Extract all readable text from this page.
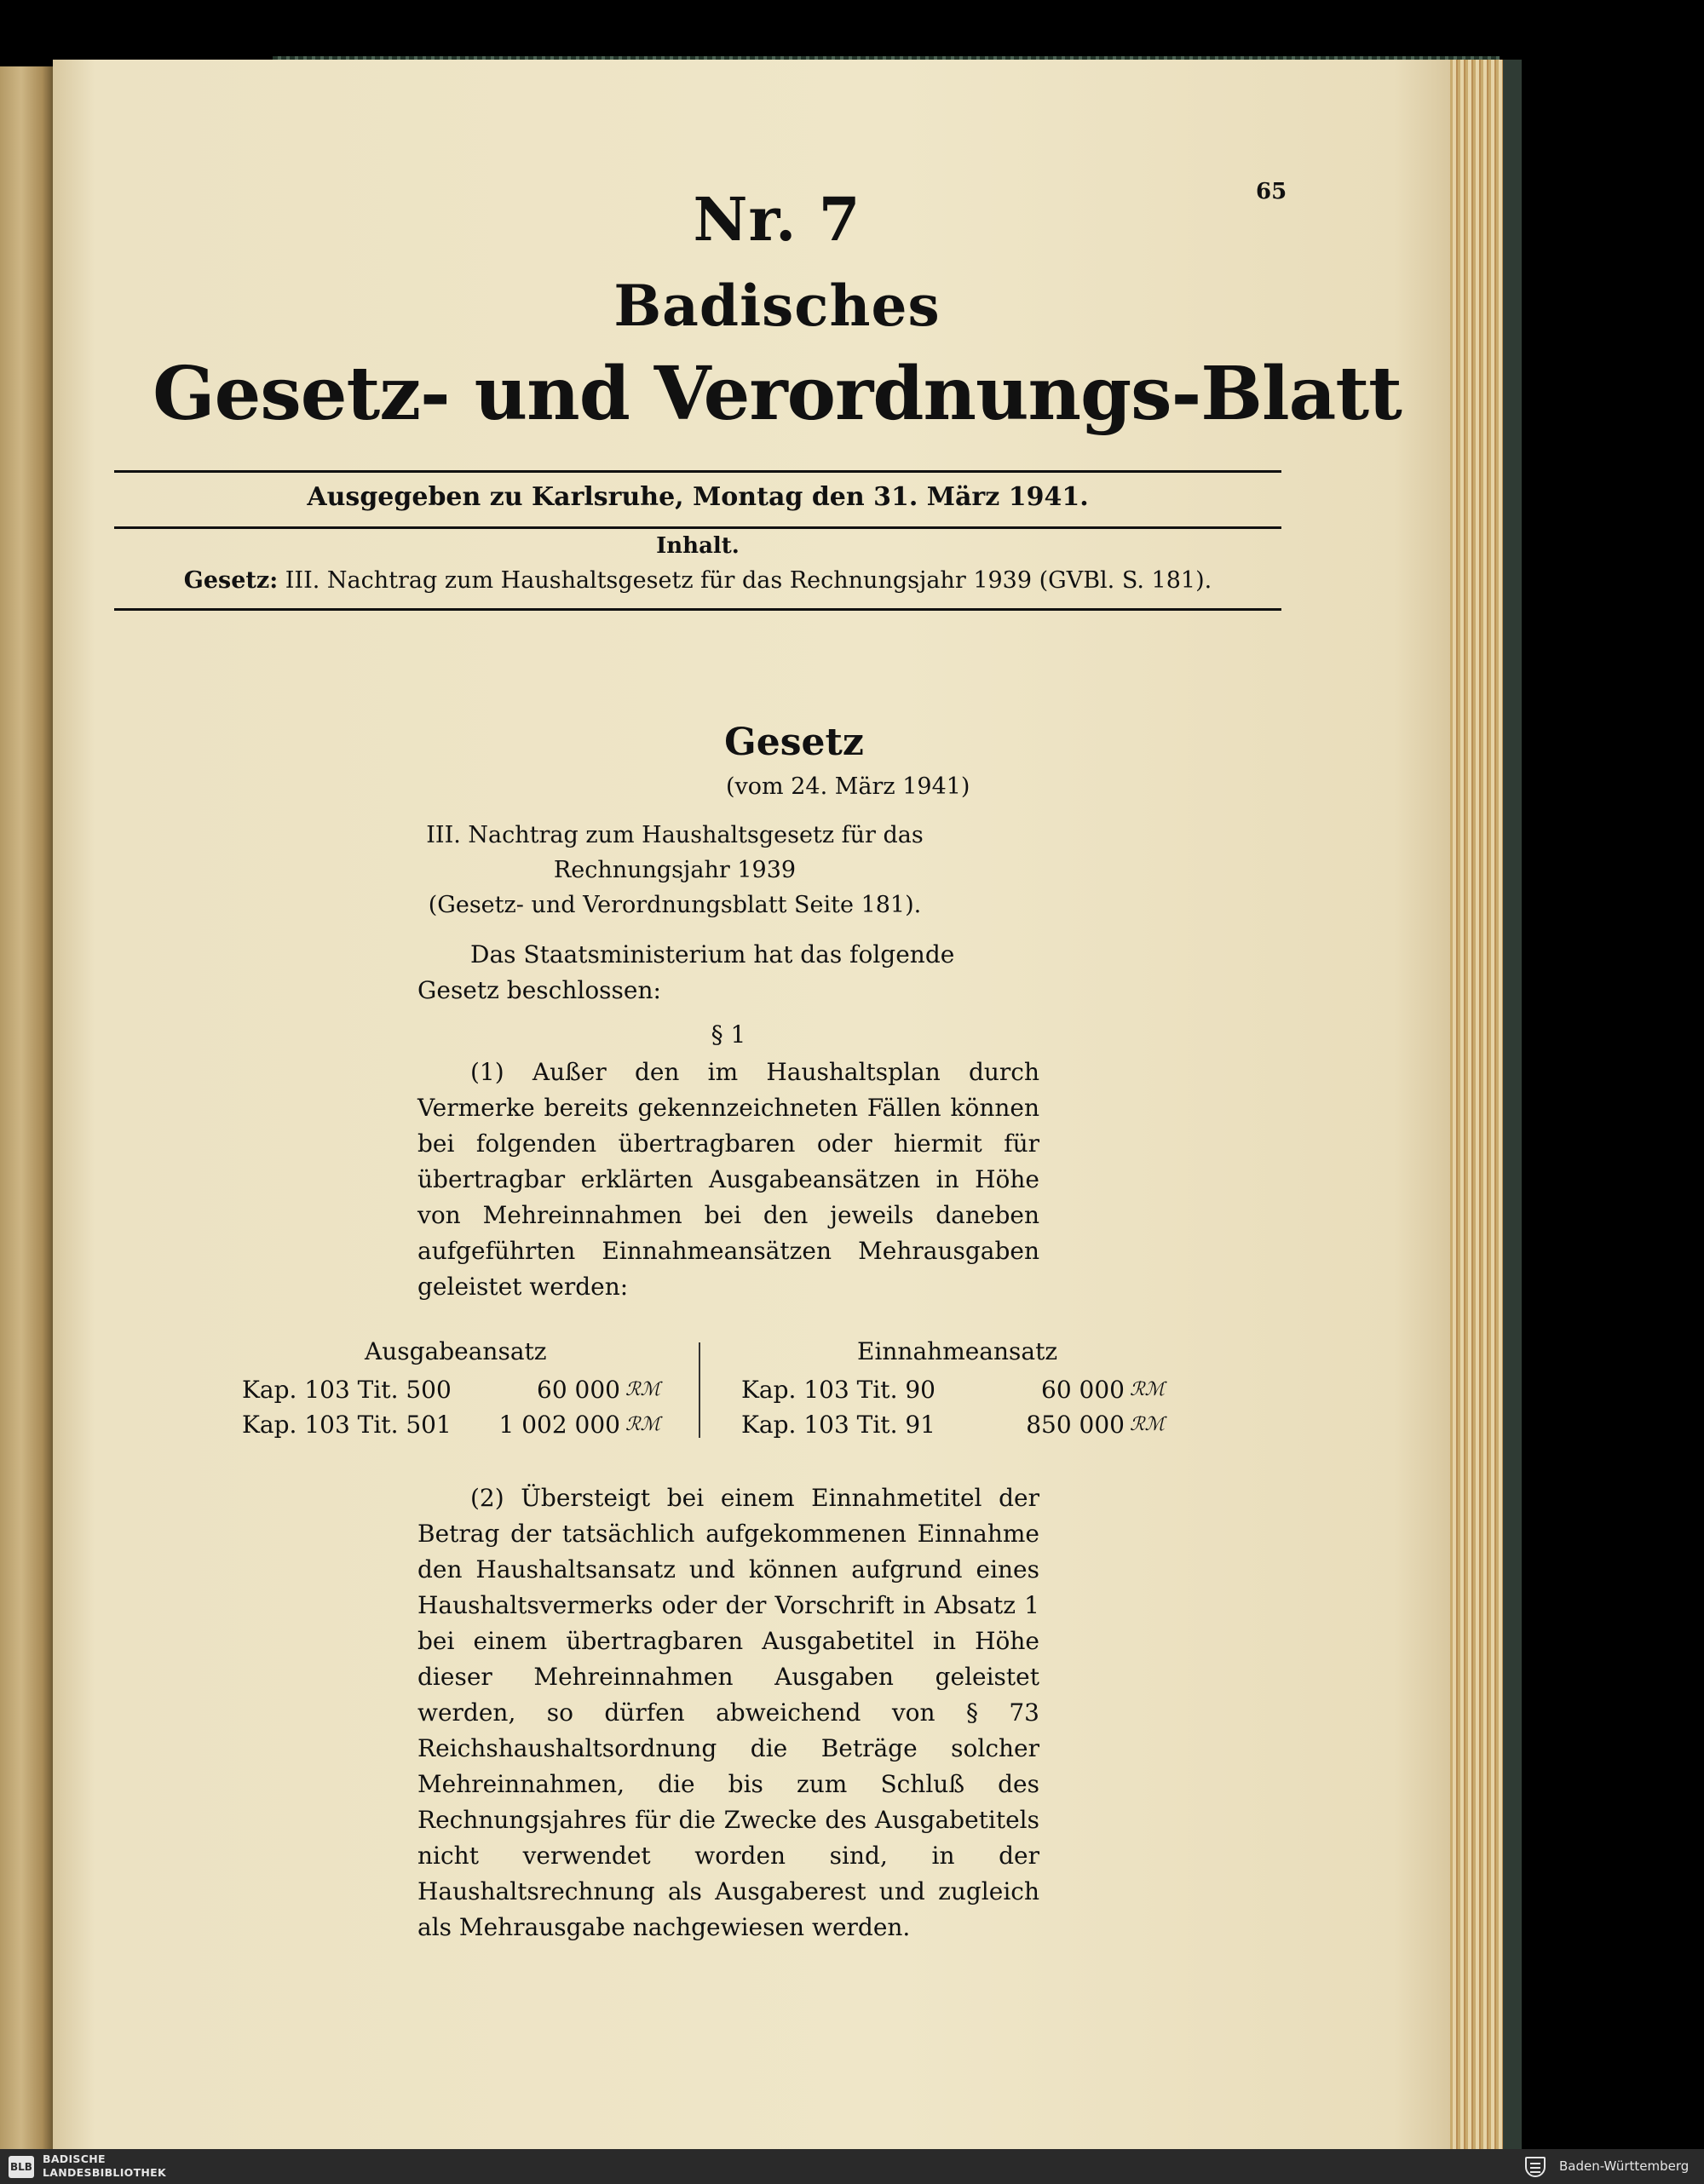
65
Nr. 7
Badisches
Gesetz- und Verordnungs-Blatt
Ausgegeben zu Karlsruhe, Montag den 31. März 1941.
Inhalt.
Gesetz: III. Nachtrag zum Haushaltsgesetz für das Rechnungsjahr 1939 (GVBl. S. 181).
Gesetz
(vom 24. März 1941)
III. Nachtrag zum Haushaltsgesetz für das
Rechnungsjahr 1939
(Gesetz- und Verordnungsblatt Seite 181).
Das Staatsministerium hat das folgende
Gesetz beschlossen:
§ 1

(1) Außer den im Haushaltsplan durch Vermerke bereits gekennzeichneten Fällen können bei folgenden übertragbaren oder hiermit für übertragbar erklärten Ausgabeansätzen in Höhe von Mehreinnahmen bei den jeweils daneben aufgeführten Einnahmeansätzen Mehrausgaben geleistet werden:

Ausgabeansatz	Einnahmeansatz
Kap. 103 Tit. 500	60 000 ℛℳ	Kap. 103 Tit. 90	60 000 ℛℳ
Kap. 103 Tit. 501	1 002 000 ℛℳ	Kap. 103 Tit. 91	850 000 ℛℳ

(2) Übersteigt bei einem Einnahmetitel der Betrag der tatsächlich aufgekommenen Einnahme den Haushaltsansatz und können aufgrund eines Haushaltsvermerks oder der Vorschrift in Absatz 1 bei einem übertragbaren Ausgabetitel in Höhe dieser Mehreinnahmen Ausgaben geleistet werden, so dürfen abweichend von § 73 Reichshaushaltsordnung die Beträge solcher Mehreinnahmen, die bis zum Schluß des Rechnungsjahres für die Zwecke des Ausgabetitels nicht verwendet worden sind, in der Haushaltsrechnung als Ausgaberest und zugleich als Mehrausgabe nachgewiesen werden.

BLB
BADISCHE
LANDESBIBLIOTHEK	Baden-Württemberg
